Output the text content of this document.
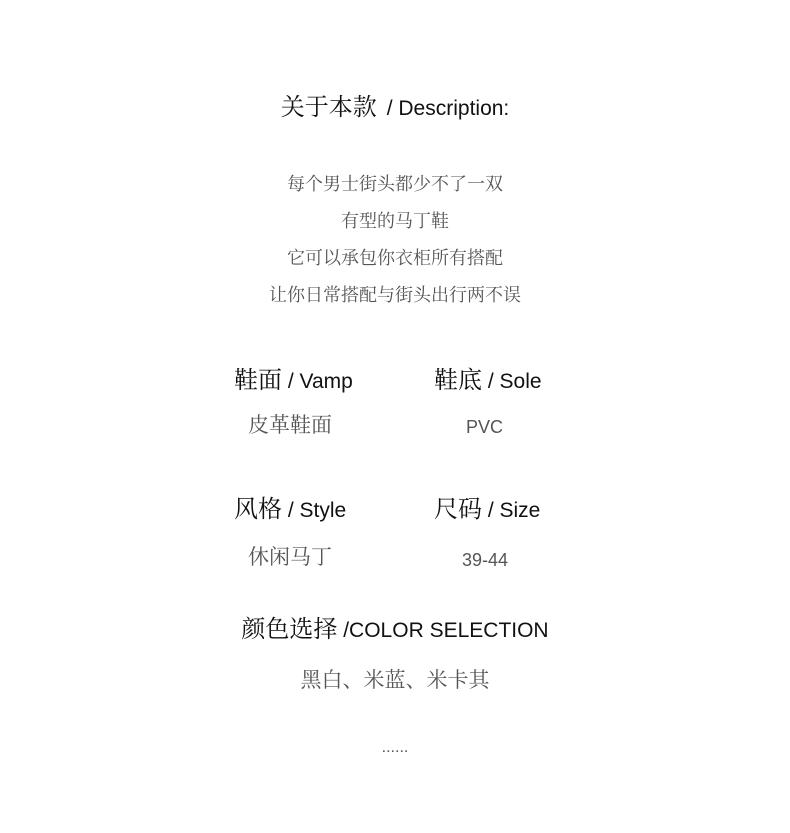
关于本款 / Description:
每个男士街头都少不了一双
有型的马丁鞋
它可以承包你衣柜所有搭配
让你日常搭配与街头出行两不误
鞋面 / Vamp	鞋底 / Sole
皮革鞋面	PVC
风格 / Style	尺码 / Size
休闲马丁	39-44
颜色选择 /COLOR SELECTION
黑白、米蓝、米卡其
......
